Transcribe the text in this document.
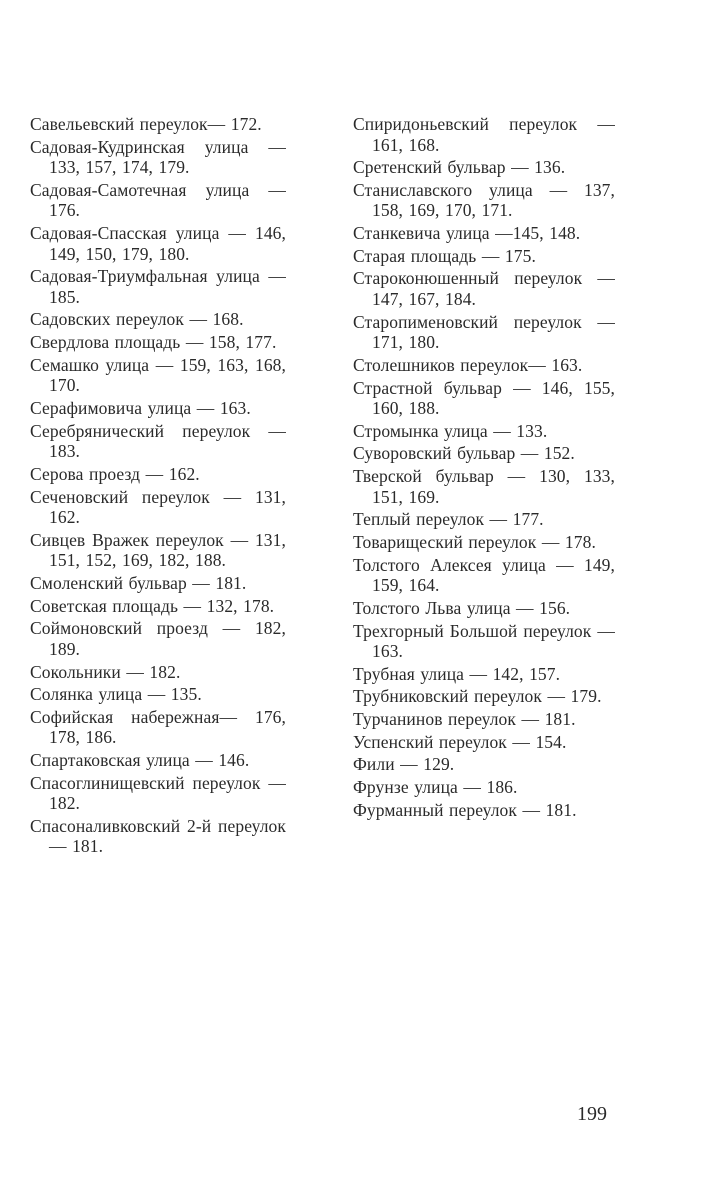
Савельевский переулок— 172.
Садовая-Кудринская улица — 133, 157, 174, 179.
Садовая-Самотечная улица — 176.
Садовая-Спасская улица — 146, 149, 150, 179, 180.
Садовая-Триумфальная улица — 185.
Садовских переулок — 168.
Свердлова площадь — 158, 177.
Семашко улица — 159, 163, 168, 170.
Серафимовича улица — 163.
Серебрянический переулок — 183.
Серова проезд — 162.
Сеченовский переулок — 131, 162.
Сивцев Вражек переулок — 131, 151, 152, 169, 182, 188.
Смоленский бульвар — 181.
Советская площадь — 132, 178.
Соймоновский проезд — 182, 189.
Сокольники — 182.
Солянка улица — 135.
Софийская набережная— 176, 178, 186.
Спартаковская улица — 146.
Спасоглинищевский переулок — 182.
Спасоналивковский 2-й переулок — 181.
Спиридоньевский переулок — 161, 168.
Сретенский бульвар — 136.
Станиславского улица — 137, 158, 169, 170, 171.
Станкевича улица —145, 148.
Старая площадь — 175.
Староконюшенный переулок — 147, 167, 184.
Старопименовский переулок — 171, 180.
Столешников переулок— 163.
Страстной бульвар — 146, 155, 160, 188.
Стромынка улица — 133.
Суворовский бульвар — 152.
Тверской бульвар — 130, 133, 151, 169.
Теплый переулок — 177.
Товарищеский переулок — 178.
Толстого Алексея улица — 149, 159, 164.
Толстого Льва улица — 156.
Трехгорный Большой переулок — 163.
Трубная улица — 142, 157.
Трубниковский переулок — 179.
Турчанинов переулок — 181.
Успенский переулок — 154.
Фили — 129.
Фрунзе улица — 186.
Фурманный переулок — 181.
199
